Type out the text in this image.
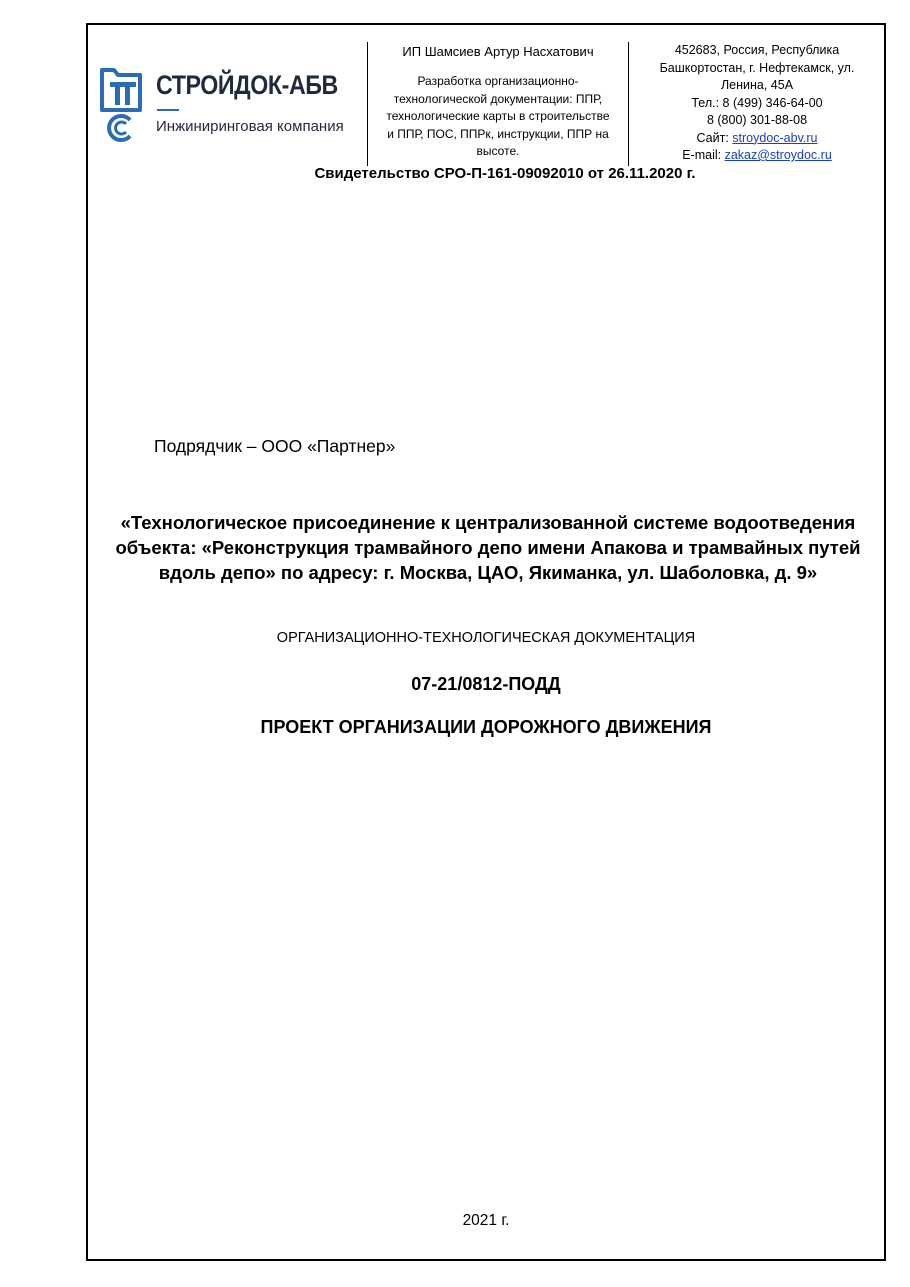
СТРОЙДОК-АБВ
Инжиниринговая компания
ИП Шамсиев Артур Насхатович
Разработка организационно-технологической документации: ППР, технологические карты в строительстве и ППР, ПОС, ППРк, инструкции, ППР на высоте.
452683, Россия, Республика
Башкортостан, г. Нефтекамск, ул.
Ленина, 45А
Тел.: 8 (499) 346-64-00
8 (800) 301-88-08
Сайт: stroydoc-abv.ru
E-mail: zakaz@stroydoc.ru
Свидетельство СРО-П-161-09092010 от 26.11.2020 г.
Подрядчик – ООО «Партнер»
«Технологическое присоединение к централизованной системе водоотведения
объекта: «Реконструкция трамвайного депо имени Апакова и трамвайных путей
вдоль депо» по адресу: г. Москва, ЦАО, Якиманка, ул. Шаболовка, д. 9»
ОРГАНИЗАЦИОННО-ТЕХНОЛОГИЧЕСКАЯ ДОКУМЕНТАЦИЯ
07-21/0812-ПОДД
ПРОЕКТ ОРГАНИЗАЦИИ ДОРОЖНОГО ДВИЖЕНИЯ
2021 г.
